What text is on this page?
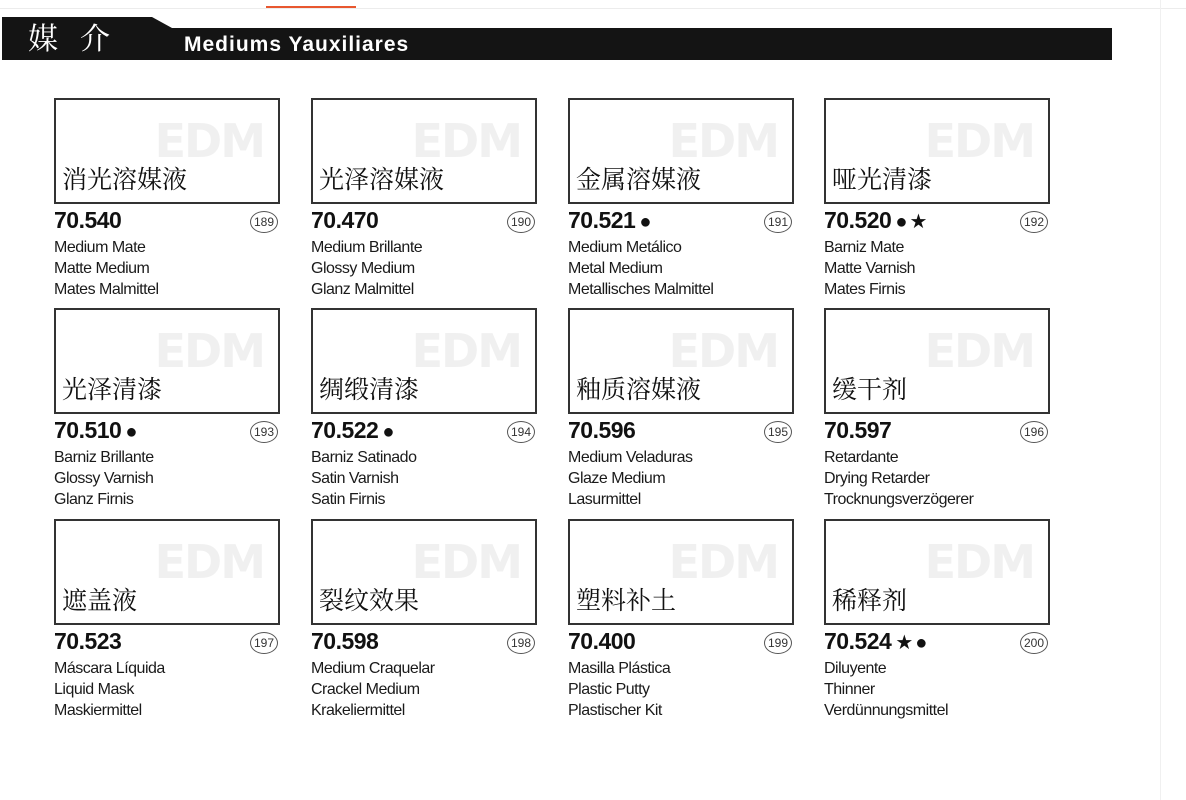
媒介 Mediums Yauxiliares
EDM
消光溶媒液
70.540	189
Medium Mate
Matte Medium
Mates Malmittel
EDM
光泽溶媒液
70.470	190
Medium Brillante
Glossy Medium
Glanz Malmittel
EDM
金属溶媒液
70.521 ●	191
Medium Metálico
Metal Medium
Metallisches Malmittel
EDM
哑光清漆
70.520 ●★	192
Barniz Mate
Matte Varnish
Mates Firnis
EDM
光泽清漆
70.510 ●	193
Barniz Brillante
Glossy Varnish
Glanz Firnis
EDM
绸缎清漆
70.522 ●	194
Barniz Satinado
Satin Varnish
Satin Firnis
EDM
釉质溶媒液
70.596	195
Medium Veladuras
Glaze Medium
Lasurmittel
EDM
缓干剂
70.597	196
Retardante
Drying Retarder
Trocknungsverzögerer
EDM
遮盖液
70.523	197
Máscara Líquida
Liquid Mask
Maskiermittel
EDM
裂纹效果
70.598	198
Medium Craquelar
Crackel Medium
Krakeliermittel
EDM
塑料补土
70.400	199
Masilla Plástica
Plastic Putty
Plastischer Kit
EDM
稀释剂
70.524 ★●	200
Diluyente
Thinner
Verdünnungsmittel
